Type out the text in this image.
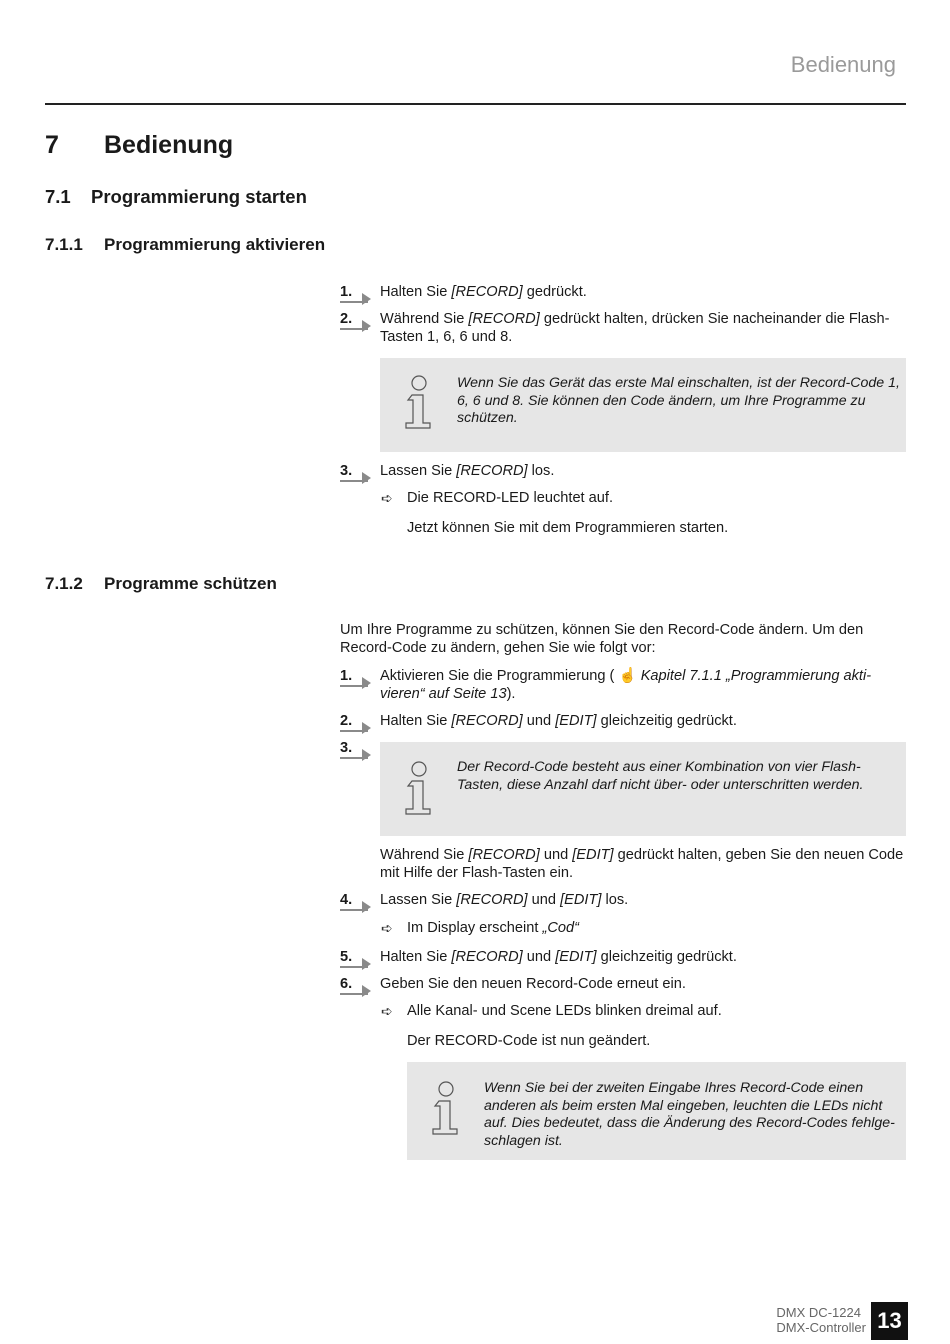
Bedienung
7 Bedienung
7.1 Programmierung starten
7.1.1 Programmierung aktivieren
1.	Halten Sie [RECORD] gedrückt.
2.	Während Sie [RECORD] gedrückt halten, drücken Sie nacheinander die Flash-
Tasten 1, 6, 6 und 8.
Wenn Sie das Gerät das erste Mal einschalten, ist der Record-Code 1,
6, 6 und 8. Sie können den Code ändern, um Ihre Programme zu
schützen.
3.	Lassen Sie [RECORD] los.
➪ Die RECORD-LED leuchtet auf.
Jetzt können Sie mit dem Programmieren starten.
7.1.2 Programme schützen
Um Ihre Programme zu schützen, können Sie den Record-Code ändern. Um den
Record-Code zu ändern, gehen Sie wie folgt vor:
1.	Aktivieren Sie die Programmierung ( ☝ Kapitel 7.1.1 „Programmierung akti-
vieren“ auf Seite 13).
2.	Halten Sie [RECORD] und [EDIT] gleichzeitig gedrückt.
3.
Der Record-Code besteht aus einer Kombination von vier Flash-
Tasten, diese Anzahl darf nicht über- oder unterschritten werden.
Während Sie [RECORD] und [EDIT] gedrückt halten, geben Sie den neuen Code
mit Hilfe der Flash-Tasten ein.
4.	Lassen Sie [RECORD] und [EDIT] los.
➪ Im Display erscheint „Cod“
5.	Halten Sie [RECORD] und [EDIT] gleichzeitig gedrückt.
6.	Geben Sie den neuen Record-Code erneut ein.
➪ Alle Kanal- und Scene LEDs blinken dreimal auf.
Der RECORD-Code ist nun geändert.
Wenn Sie bei der zweiten Eingabe Ihres Record-Code einen
anderen als beim ersten Mal eingeben, leuchten die LEDs nicht
auf. Dies bedeutet, dass die Änderung des Record-Codes fehlge-
schlagen ist.
DMX DC-1224
DMX-Controller 13
